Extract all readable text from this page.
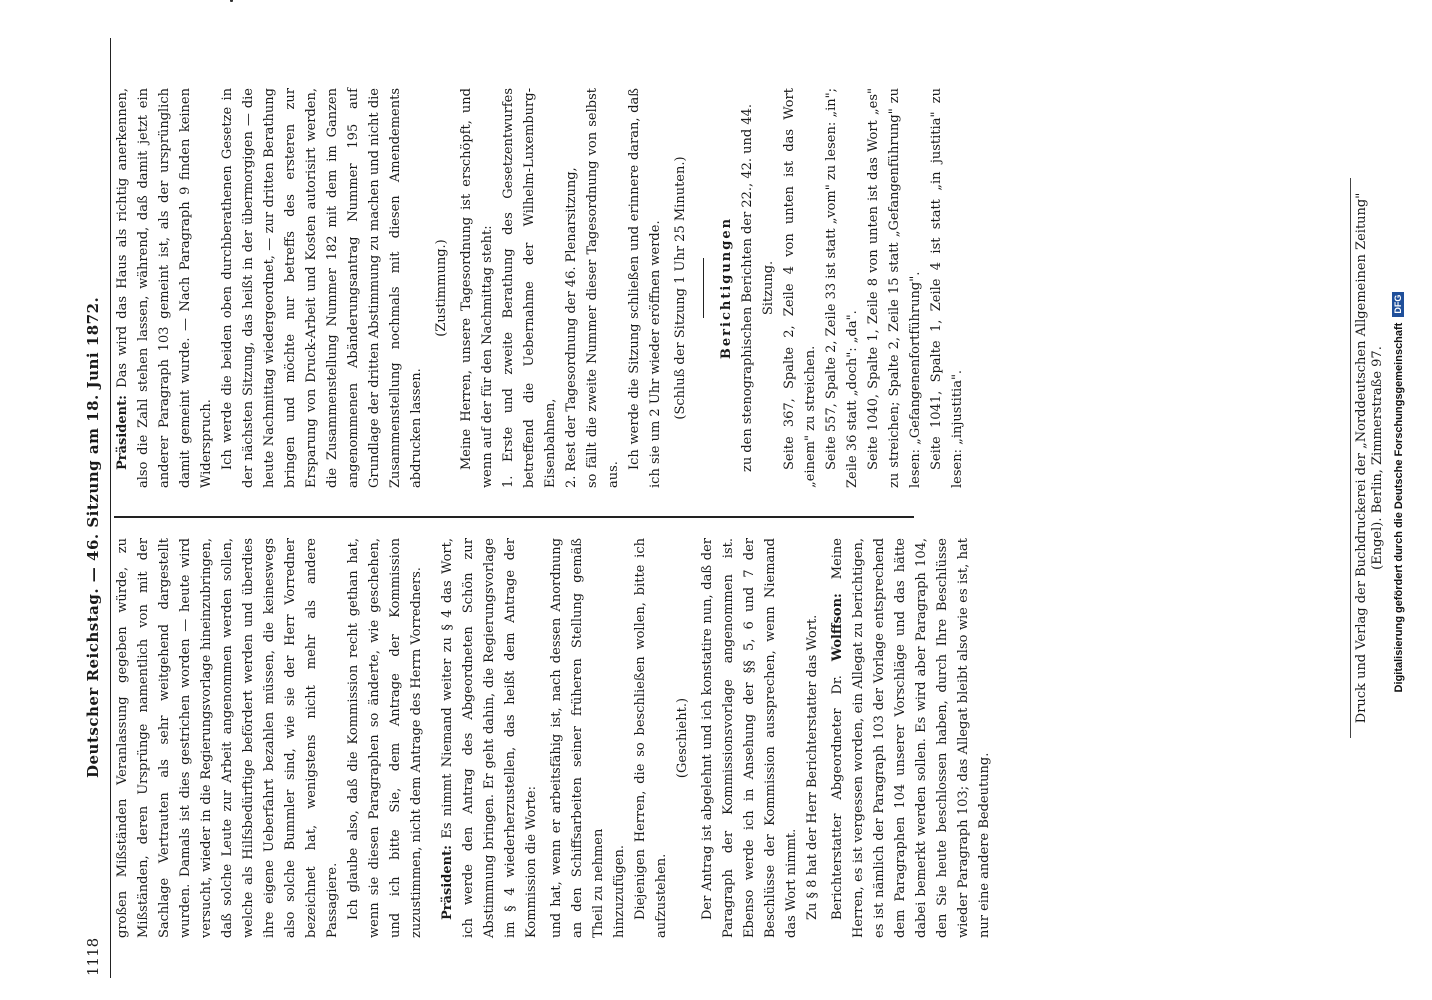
1118
Deutscher Reichstag. — 46. Sitzung am 18. Juni 1872. großen Mißständen Veranlassung gegeben würde, zu Mißständen, deren Ursprünge namentlich von mit der Sachlage Vertrauten als sehr weitgehend dargestellt wurden. Damals ist dies gestrichen worden — heute wird versucht, wieder in die Regierungsvorlage hineinzubringen, daß solche Leute zur Arbeit angenommen werden sollen, welche als Hilfsbedürftige befördert werden und überdies ihre eigene Ueberfahrt bezahlen müssen, die keineswegs also solche Bummler sind, wie sie der Herr Vorredner bezeichnet hat, wenigstens nicht mehr als andere Passagiere. Ich glaube also, daß die Kommission recht gethan hat, wenn sie diesen Paragraphen so änderte, wie geschehen, und ich bitte Sie, dem Antrage der Kommission zuzustimmen, nicht dem Antrage des Herrn Vorredners. Präsident: Es nimmt Niemand weiter zu § 4 das Wort, ich werde den Antrag des Abgeordneten Schön zur Abstimmung bringen. Er geht dahin, die Regierungsvorlage im § 4 wiederherzustellen, das heißt dem Antrage der Kommission die Worte: und hat, wenn er arbeitsfähig ist, nach dessen Anordnung an den Schiffsarbeiten seiner früheren Stellung gemäß Theil zu nehmen hinzuzufügen. Diejenigen Herren, die so beschließen wollen, bitte ich aufzustehen.

(Geschieht.) Der Antrag ist abgelehnt und ich konstatire nun, daß der Paragraph der Kommissionsvorlage angenommen ist. Ebenso werde ich in Ansehung der §§ 5, 6 und 7 der Beschlüsse der Kommission aussprechen, wenn Niemand das Wort nimmt. Zu § 8 hat der Herr Berichterstatter das Wort. Berichterstatter Abgeordneter Dr. Wolffson: Meine Herren, es ist vergessen worden, ein Allegat zu berichtigen, es ist nämlich der Paragraph 103 der Vorlage entsprechend dem Paragraphen 104 unserer Vorschläge und das hätte dabei bemerkt werden sollen. Es wird aber Paragraph 104, den Sie heute beschlossen haben, durch Ihre Beschlüsse wieder Paragraph 103; das Allegat bleibt also wie es ist, hat nur eine andere Bedeutung.

Präsident: Das wird das Haus als richtig anerkennen, also die Zahl stehen lassen, während, daß damit jetzt ein anderer Paragraph 103 gemeint ist, als der ursprünglich damit gemeint wurde. — Nach Paragraph 9 finden keinen Widerspruch. Ich werde die beiden oben durchberathenen Gesetze in der nächsten Sitzung, das heißt in der übermorgigen — die heute Nachmittag wiedergeordnet, — zur dritten Berathung bringen und möchte nur betreffs des ersteren zur Ersparung von Druck-Arbeit und Kosten autorisirt werden, die Zusammenstellung Nummer 182 mit dem im Ganzen angenommenen Abänderungsantrag Nummer 195 auf Grundlage der dritten Abstimmung zu machen und nicht die Zusammenstellung nochmals mit diesen Amendements abdrucken lassen.

(Zustimmung.) Meine Herren, unsere Tagesordnung ist erschöpft, und wenn auf der für den Nachmittag steht: 1. Erste und zweite Berathung des Gesetzentwurfes betreffend die Uebernahme der Wilhelm-Luxemburg-Eisenbahnen, 2. Rest der Tagesordnung der 46. Plenarsitzung, so fällt die zweite Nummer dieser Tagesordnung von selbst aus.

Ich werde die Sitzung schließen und erinnere daran, daß ich sie um 2 Uhr wieder eröffnen werde. (Schluß der Sitzung 1 Uhr 25 Minuten.) Berichtigungen zu den stenographischen Berichten der 22., 42. und 44. Sitzung. Seite 367, Spalte 2, Zeile 4 von unten ist das Wort „einem" zu streichen. Seite 557, Spalte 2, Zeile 33 ist statt „vom" zu lesen: „in"; Zeile 36 statt „doch": „da". Seite 1040, Spalte 1, Zeile 8 von unten ist das Wort „es" zu streichen; Spalte 2, Zeile 15 statt „Gefangenführung" zu lesen: „Gefangenenfortführung". Seite 1041, Spalte 1, Zeile 4 ist statt „in justitia" zu lesen: „injustitia".	Druck und Verlag der Buchdruckerei der „Norddeutschen Allgemeinen Zeitung" (Engel). Berlin, Zimmerstraße 97. Digitalisierung gefördert durch die Deutsche Forschungsgemeinschaft DFG
